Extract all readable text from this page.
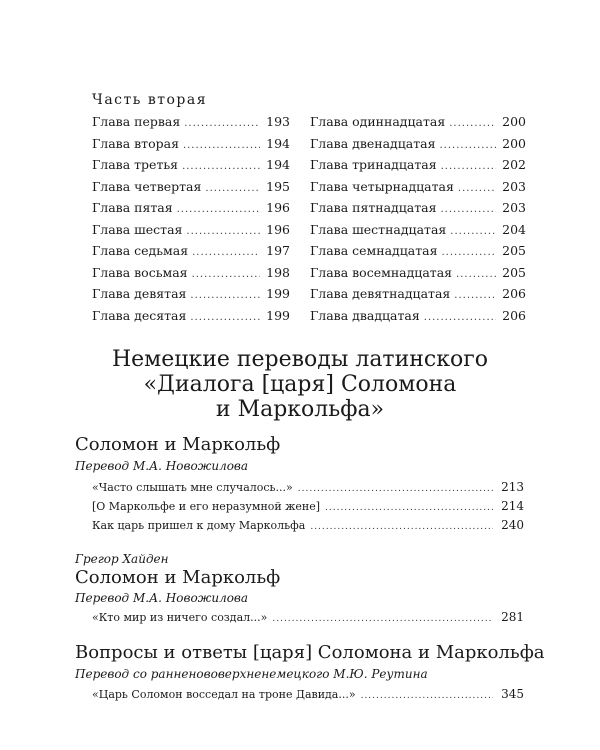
Часть вторая
Глава первая .....	193
Глава вторая .....	194
Глава третья .....	194
Глава четвертая .....	195
Глава пятая .....	196
Глава шестая .....	196
Глава седьмая .....	197
Глава восьмая .....	198
Глава девятая .....	199
Глава десятая .....	199
Глава одиннадцатая .....	200
Глава двенадцатая .....	200
Глава тринадцатая .....	202
Глава четырнадцатая .....	203
Глава пятнадцатая .....	203
Глава шестнадцатая .....	204
Глава семнадцатая .....	205
Глава восемнадцатая .....	205
Глава девятнадцатая .....	206
Глава двадцатая .....	206
Немецкие переводы латинского
«Диалога [царя] Соломона
и Маркольфа»
Соломон и Маркольф
Перевод М.А. Новожилова
«Часто слышать мне случалось...» .....	213
[О Маркольфе и его неразумной жене] .....	214
Как царь пришел к дому Маркольфа .....	240
Грегор Хайден
Соломон и Маркольф
Перевод М.А. Новожилова
«Кто мир из ничего создал...» .....	281
Вопросы и ответы [царя] Соломона и Маркольфа
Перевод со ранненововерхненемецкого М.Ю. Реутина
«Царь Соломон восседал на троне Давида...» .....	345
